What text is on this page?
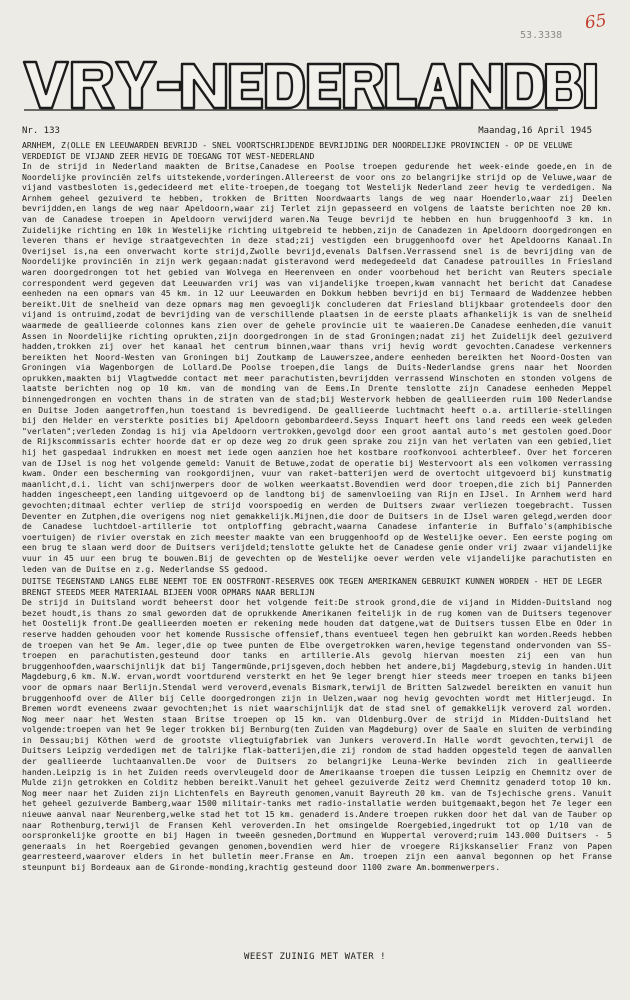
65
53.3338
Nr. 133	Maandag,16 April 1945

ARNHEM, Z(OLLE EN LEEUWARDEN BEVRIJD - SNEL VOORTSCHRIJDENDE BEVRIJDING DER NOORDELIJKE PROVINCIEN - OP DE VELUWE VERDEDIGT DE VIJAND ZEER HEVIG DE TOEGANG TOT WEST-NEDERLAND

In de strijd in Nederland maakten de Britse,Canadese en Poolse troepen gedurende het week-einde goede,en in de Noordelijke provinciën zelfs uitstekende,vorderingen.Allereerst de voor ons zo belangrijke strijd op de Veluwe,waar de vijand vastbesloten is,gedecideerd met elite-troepen,de toegang tot Westelijk Nederland zeer hevig te verdedigen. Na Arnhem geheel gezuiverd te hebben, trokken de Britten Noordwaarts langs de weg naar Hoenderlo,waar zij Deelen bevrijdden,en langs de weg naar Apeldoorn,waar zij Terlet zijn gepasseerd en volgens de laatste berichten noe 20 km. van de Canadese troepen in Apeldoorn verwijderd waren.Na Teuge bevrijd te hebben en hun bruggenhoofd 3 km. in Zuidelijke richting en 10k in Westelijke richting uitgebreid te hebben,zijn de Canadezen in Apeldoorn doorgedrongen en leveren thans er hevige straatgevechten in deze stad;zij vestigden een bruggenhoofd over het Apeldoorns Kanaal.In Overijsel is,na een onverwacht korte strijd,Zwolle bevrijd,evenals Dalfsen.Verrassend snel is de bevrijding van de Noordelijke provinciën in zijn werk gegaan:nadat gisteravond werd medegedeeld dat Canadese patrouilles in Friesland waren doorgedrongen tot het gebied van Wolvega en Heerenveen en onder voorbehoud het bericht van Reuters speciale correspondent werd gegeven dat Leeuwarden vrij was van vijandelijke troepen,kwam vannacht het bericht dat Canadese eenheden na een opmars van 45 km. in 12 uur Leeuwarden en Dokkum hebben bevrijd en bij Termaard de Waddenzee hebben bereikt.Uit de snelheid van deze opmars mag men gevoeglijk concluderen dat Friesland blijkbaar grotendeels door den vijand is ontruimd,zodat de bevrijding van de verschillende plaatsen in de eerste plaats afhankelijk is van de snelheid waarmede de geallieerde colonnes kans zien over de gehele provincie uit te waaieren.De Canadese eenheden,die vanuit Assen in Noordelijke richting oprukten,zijn doorgedrongen in de stad Groningen;nadat zij het Zuidelijk deel gezuiverd hadden,trokken zij over het kanaal het centrum binnen,waar thans vrij hevig wordt gevochten.Canadese verkenners bereikten het Noord-Westen van Groningen bij Zoutkamp de Lauwerszee,andere eenheden bereikten het Noord-Oosten van Groningen via Wagenborgen de Lollard.De Poolse troepen,die langs de Duits-Nederlandse grens naar het Noorden oprukken,maakten bij Vlagtwedde contact met meer parachutisten,bevrijdden verrassend Winschoten en stonden volgens de laatste berichten nog op 10 km. van de monding van de Eems.In Drente tenslotte zijn Canadese eenheden Meppel binnengedrongen en vochten thans in de straten van de stad;bij Westervork hebben de geallieerden ruim 100 Nederlandse en Duitse Joden aangetroffen,hun toestand is bevredigend. De geallieerde luchtmacht heeft o.a. artillerie-stellingen bij den Helder en versterkte posities bij Apeldoorn gebombardeerd.Seyss Inquart heeft ons land reeds een week geleden "verlaten";verleden Zondag is hij via Apeldoorn vertrokken,gevolgd door een groot aantal auto's met gestolen goed.Door de Rijkscommissaris echter hoorde dat er op deze weg zo druk geen sprake zou zijn van het verlaten van een gebied,liet hij het gaspedaal indrukken en moest met iede ogen aanzien hoe het kostbare roofkonvooi achterbleef. Over het forceren van de IJsel is nog het volgende gemeld: Vanuit de Betuwe,zodat de operatie bij Westervoort als een volkomen verrassing kwam. Onder een bescherming van rookgordijnen, vuur van raket-batterijen werd de overtocht uitgevoerd bij kunstmatig maanlicht,d.i. licht van schijnwerpers door de wolken weerkaatst.Bovendien werd door troepen,die zich bij Pannerden hadden ingescheept,een landing uitgevoerd op de landtong bij de samenvloeiing van Rijn en IJsel. In Arnhem werd hard gevochten;ditmaal echter verliep de strijd voorspoedig en werden de Duitsers zwaar verliezen toegebracht. Tussen Deventer en Zutphen,die overigens nog niet gemakkelijk.Mijnen,die door de Duitsers in de IJsel waren gelegd,werden door de Canadese luchtdoel-artillerie tot ontploffing gebracht,waarna Canadese infanterie in Buffalo's(amphibische voertuigen) de rivier overstak en zich meester maakte van een bruggenhoofd op de Westelijke oever. Een eerste poging om een brug te slaan werd door de Duitsers verijdeld;tenslotte gelukte het de Canadese genie onder vrij zwaar vijandelijke vuur in 45 uur een brug te bouwen.Bij de gevechten op de Westelijke oever werden vele vijandelijke parachutisten en leden van de Duitse en z.g. Nederlandse SS gedood.

DUITSE TEGENSTAND LANGS ELBE NEEMT TOE EN OOSTFRONT-RESERVES OOK TEGEN AMERIKANEN GEBRUIKT KUNNEN WORDEN - HET DE LEGER BRENGT STEEDS MEER MATERIAAL BIJEEN VOOR OPMARS NAAR BERLIJN

De strijd in Duitsland wordt beheerst door het volgende feit:De strook grond,die de vijand in Midden-Duitsland nog bezet houdt,is thans zo smal geworden dat de oprukkende Amerikanen feitelijk in de rug komen van de Duitsers tegenover het Oostelijk front.De geallieerden moeten er rekening mede houden dat datgene,wat de Duitsers tussen Elbe en Oder in reserve hadden gehouden voor het komende Russische offensief,thans eventueel tegen hen gebruikt kan worden.Reeds hebben de troepen van het 9e Am. leger,die op twee punten de Elbe overgetrokken waren,hevige tegenstand ondervonden van SS-troepen en parachutisten,gesteund door tanks en artillerie.Als gevolg hiervan moesten zij een van hun bruggenhoofden,waarschijnlijk dat bij Tangermünde,prijsgeven,doch hebben het andere,bij Magdeburg,stevig in handen.Uit Magdeburg,6 km. N.W. ervan,wordt voortdurend versterkt en het 9e leger brengt hier steeds meer troepen en tanks bijeen voor de opmars naar Berlijn.Stendal werd veroverd,evenals Bismark,terwijl de Britten Salzwedel bereikten en vanuit hun bruggenhoofd over de Aller bij Celle doorgedrongen zijn in Uelzen,waar nog hevig gevochten wordt met Hitlerjeugd. In Bremen wordt eveneens zwaar gevochten;het is niet waarschijnlijk dat de stad snel of gemakkelijk veroverd zal worden. Nog meer naar het Westen staan Britse troepen op 15 km. van Oldenburg.Over de strijd in Midden-Duitsland het volgende:troepen van het 9e leger trokken bij Bernburg(ten Zuiden van Magdeburg) over de Saale en sluiten de verbinding in Dessau;bij Köthen werd de grootste vliegtuigfabriek van Junkers veroverd.In Halle wordt gevochten,terwijl de Duitsers Leipzig verdedigen met de talrijke flak-batterijen,die zij rondom de stad hadden opgesteld tegen de aanvallen der geallieerde luchtaanvallen.De voor de Duitsers zo belangrijke Leuna-Werke bevinden zich in geallieerde handen.Leipzig is in het Zuiden reeds overvleugeld door de Amerikaanse troepen die tussen Leipzig en Chemnitz over de Mulde zijn getrokken en Colditz hebben bereikt.Vanuit het geheel gezuiverde Zeitz werd Chemnitz genaderd totop 10 km. Nog meer naar het Zuiden zijn Lichtenfels en Bayreuth genomen,vanuit Bayreuth 20 km. van de Tsjechische grens. Vanuit het geheel gezuiverde Bamberg,waar 1500 militair-tanks met radio-installatie werden buitgemaakt,begon het 7e leger een nieuwe aanval naar Neurenberg,welke stad het tot 15 km. genaderd is.Andere troepen rukken door het dal van de Tauber op naar Rothenburg,terwijl de Fransen Kehl veroverden.In het omsingelde Roergebied,ingedrukt tot op 1/10 van de oorspronkelijke grootte en bij Hagen in tweeën gesneden,Dortmund en Wuppertal veroverd;ruim 143.000 Duitsers - 5 generaals in het Roergebied gevangen genomen,bovendien werd hier de vroegere Rijkskanselier Franz von Papen gearresteerd,waarover elders in het bulletin meer.Franse en Am. troepen zijn een aanval begonnen op het Franse steunpunt bij Bordeaux aan de Gironde-monding,krachtig gesteund door 1100 zware Am.bommenwerpers.

WEEST ZUINIG MET WATER !
